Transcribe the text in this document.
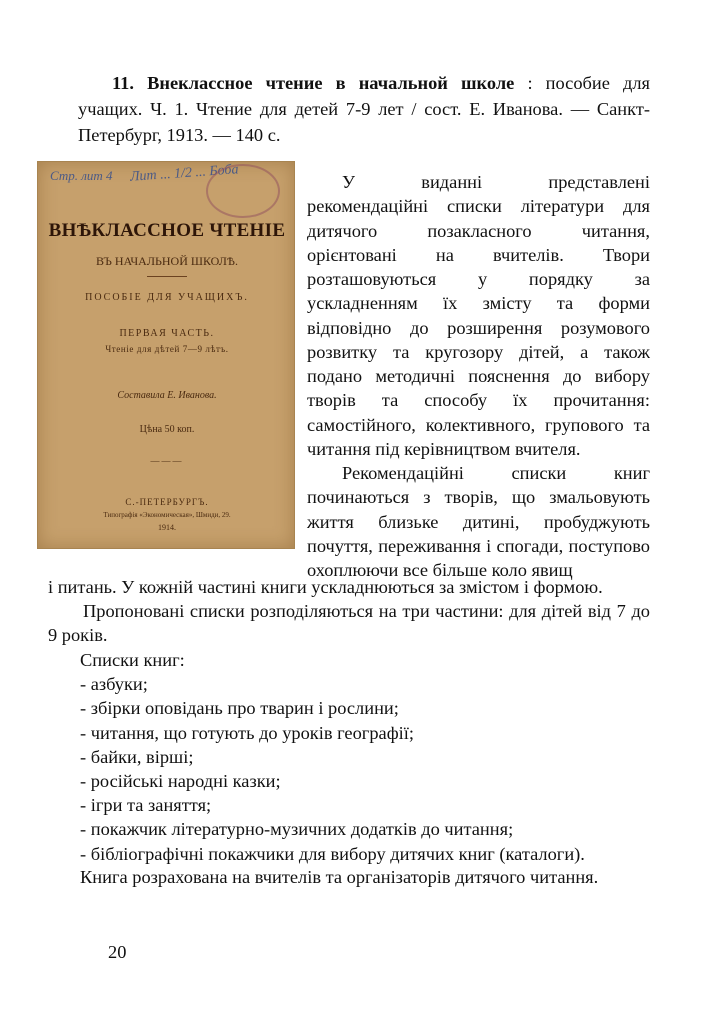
11. Внеклассное чтение в начальной школе : пособие для учащих. Ч. 1. Чтение для детей 7-9 лет / сост. Е. Иванова. — Санкт-Петербург, 1913. — 140 с.
Стр. лит 4 Лит ... 1/2 ... Боба
ВНѢКЛАССНОЕ ЧТЕНІЕ
ВЪ НАЧАЛЬНОЙ ШКОЛѢ.
ПОСОБІЕ ДЛЯ УЧАЩИХЪ.
ПЕРВАЯ ЧАСТЬ.
Чтеніе для дѣтей 7—9 лѣтъ.
Составила Е. Иванова.
Цѣна 50 коп.
———
С.-ПЕТЕРБУРГЪ.
Типографія «Экономическая», Шмиди, 29.
1914.

У виданні представлені рекомендаційні списки літератури для дитячого позакласного читання, орієнтовані на вчителів. Твори розташовуються у порядку за ускладненням їх змісту та форми відповідно до розширення розумового розвитку та кругозору дітей, а також подано методичні пояснення до вибору творів та способу їх прочитання: самостійного, колективного, групового та читання під керівництвом вчителя.

Рекомендаційні списки книг починаються з творів, що змальовують життя близьке дитині, пробуджують почуття, переживання і спогади, поступово охоплюючи все більше коло явищ

і питань. У кожній частині книги ускладнюються за змістом і формою.

Пропоновані списки розподіляються на три частини: для дітей від 7 до 9 років.

Списки книг:
- азбуки;
- збірки оповідань про тварин і рослини;
- читання, що готують до уроків географії;
- байки, вірші;
- російські народні казки;
- ігри та заняття;
- покажчик літературно-музичних додатків до читання;
- бібліографічні покажчики для вибору дитячих книг (каталоги).
Книга розрахована на вчителів та організаторів дитячого читання.
20
